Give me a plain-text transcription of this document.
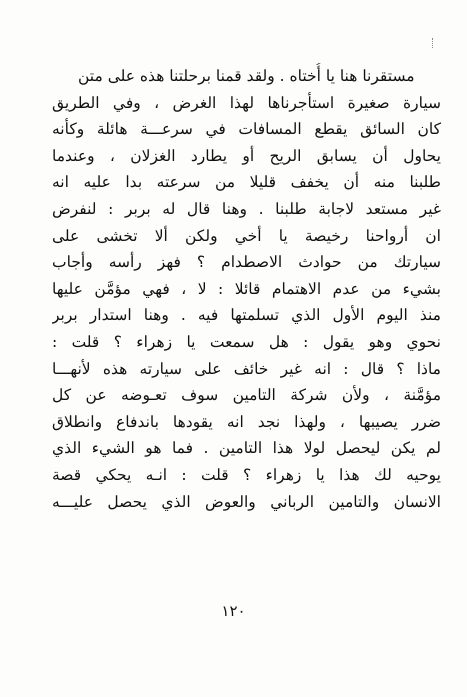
مستقرنا هنا يا أُختاه . ولقد قمنا برحلتنا هذه على متن
سيارة صغيرة استأجرناها لهذا الغرض ، وفي الطريق
كان السائق يقطع المسافات في سرعـــة هائلة وكأنه
يحاول أن يسابق الريح أو يطارد الغزلان ، وعندما
طلبنا منه أن يخفف قليلا من سرعته بدا عليه انه
غير مستعد لاجابة طلبنا . وهنا قال له بربر : لنفرض
ان أرواحنا رخيصة يا أخي ولكن ألا تخشى على
سيارتك من حوادث الاصطدام ؟ فهز رأسه وأجاب
بشيء من عدم الاهتمام قائلا : لا ، فهي مؤمَّن عليها
منذ اليوم الأول الذي تسلمتها فيه . وهنا استدار بربر
نحوي وهو يقول : هل سمعت يا زهراء ؟ قلت :
ماذا ؟ قال : انه غير خائف على سيارته هذه لأنهـــا
مؤمَّنة ، ولأن شركة التامين سوف تعـوضه عن كل
ضرر يصيبها ، ولهذا نجد انه يقودها باندفاع وانطلاق
لم يكن ليحصل لولا هذا التامين . فما هو الشيء الذي
يوحيه لك هذا يا زهراء ؟ قلت : انـه يحكي قصة
الانسان والتامين الرباني والعوض الذي يحصل عليـــه
١٢٠
